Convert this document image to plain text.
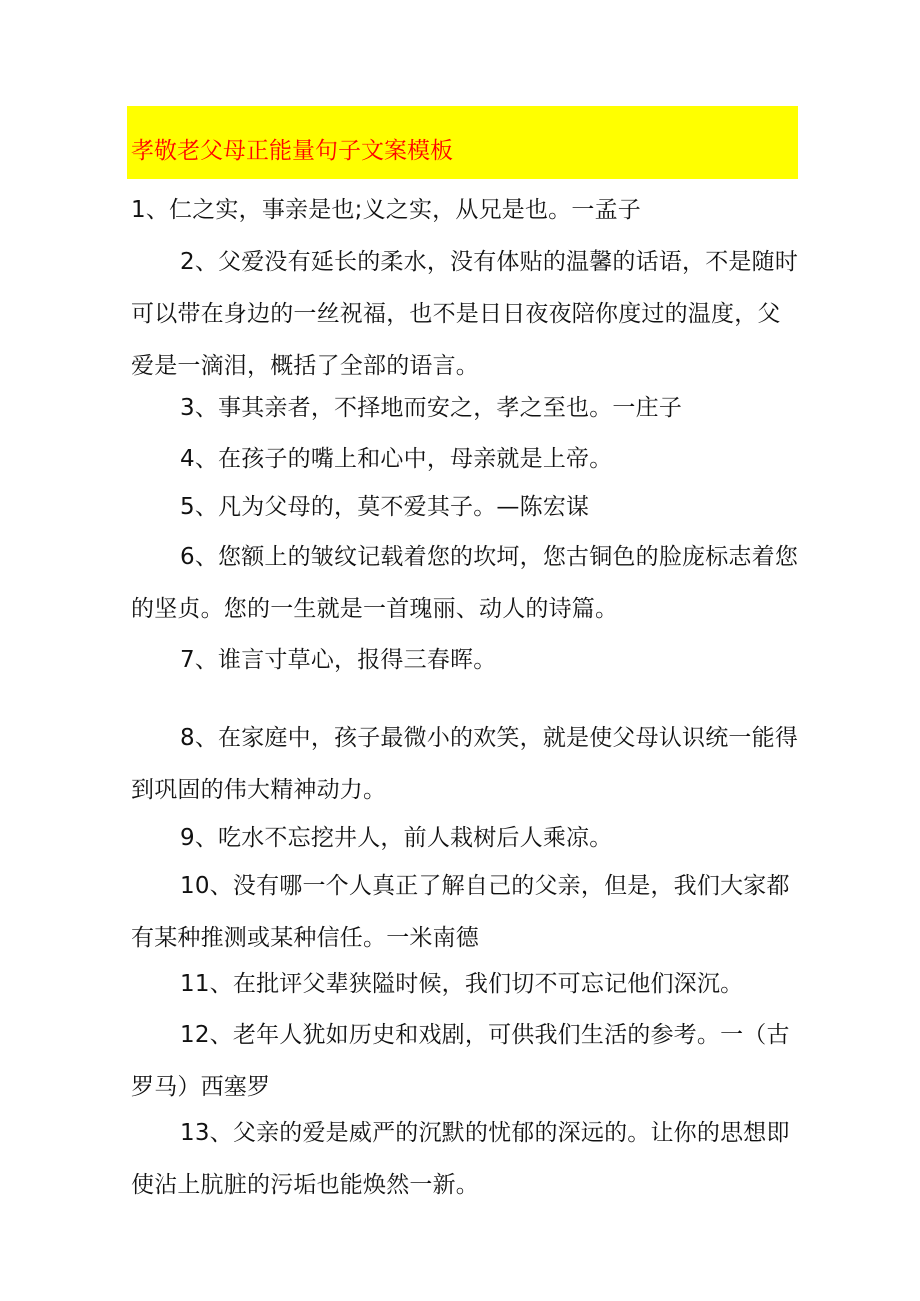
孝敬老父母正能量句子文案模板
1、仁之实，事亲是也;义之实，从兄是也。一孟子
2、父爱没有延长的柔水，没有体贴的温馨的话语，不是随时可以带在身边的一丝祝福，也不是日日夜夜陪你度过的温度，父爱是一滴泪，概括了全部的语言。
3、事其亲者，不择地而安之，孝之至也。一庄子
4、在孩子的嘴上和心中，母亲就是上帝。
5、凡为父母的，莫不爱其子。—陈宏谋
6、您额上的皱纹记载着您的坎坷，您古铜色的脸庞标志着您的坚贞。您的一生就是一首瑰丽、动人的诗篇。
7、谁言寸草心，报得三春晖。
8、在家庭中，孩子最微小的欢笑，就是使父母认识统一能得到巩固的伟大精神动力。
9、吃水不忘挖井人，前人栽树后人乘凉。
10、没有哪一个人真正了解自己的父亲，但是，我们大家都有某种推测或某种信任。一米南德
11、在批评父辈狭隘时候，我们切不可忘记他们深沉。
12、老年人犹如历史和戏剧，可供我们生活的参考。一（古罗马）西塞罗
13、父亲的爱是威严的沉默的忧郁的深远的。让你的思想即使沾上肮脏的污垢也能焕然一新。
